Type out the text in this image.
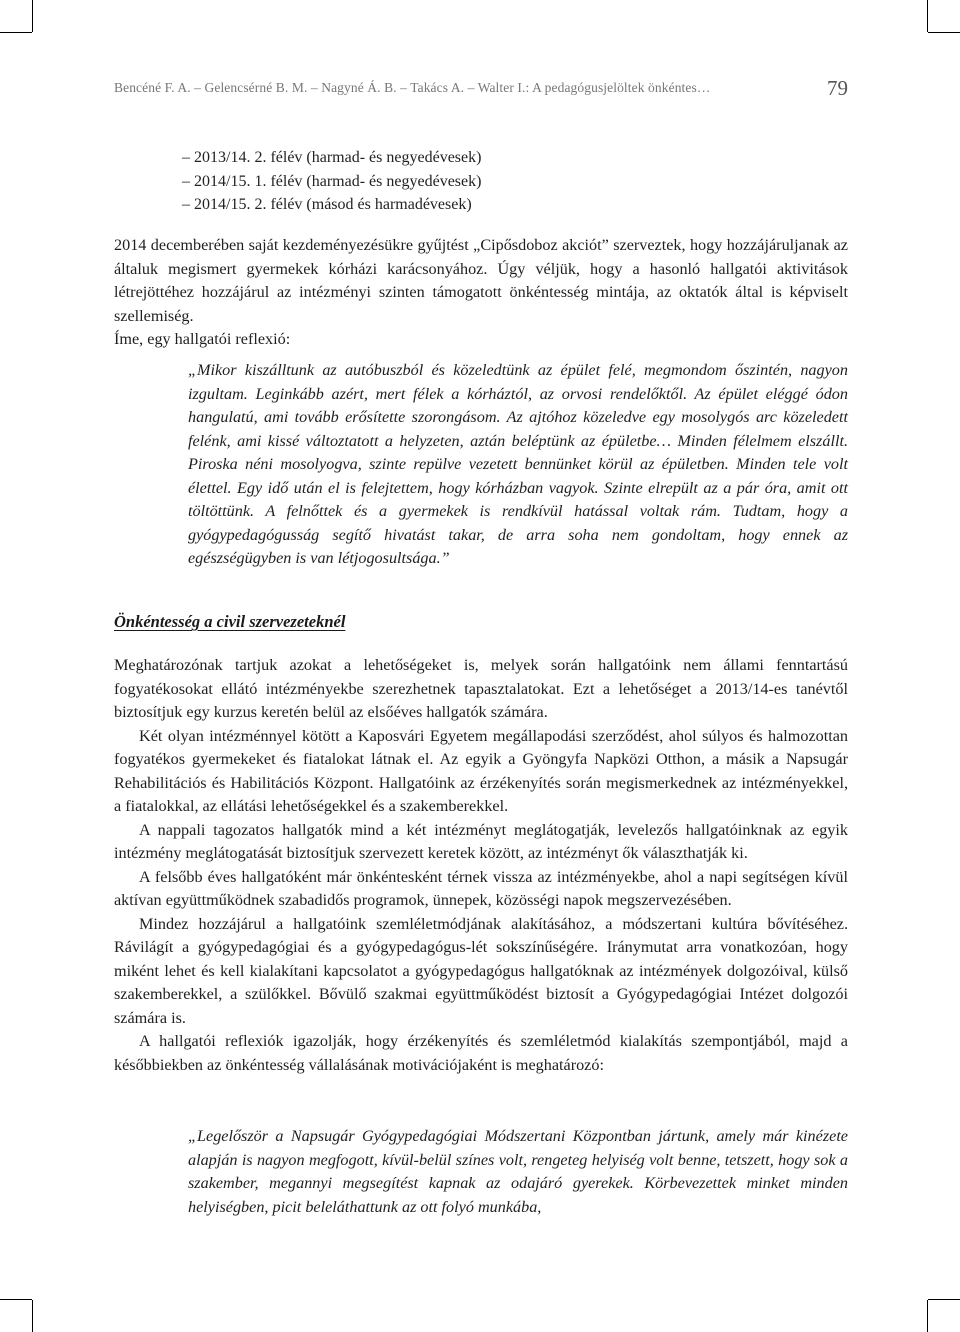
Bencéné F. A. – Gelencsérné B. M. – Nagyné Á. B. – Takács A. – Walter I.: A pedagógusjelöltek önkéntes…	79
– 2013/14. 2. félév (harmad- és negyedévesek)
– 2014/15. 1. félév (harmad- és negyedévesek)
– 2014/15. 2. félév (másod és harmadévesek)

2014 decemberében saját kezdeményezésükre gyűjtést „Cipősdoboz akciót” szerveztek, hogy hozzájáruljanak az általuk megismert gyermekek kórházi karácsonyához. Úgy véljük, hogy a hasonló hallgatói aktivitások létrejöttéhez hozzájárul az intézményi szinten támogatott önkéntesség mintája, az oktatók által is képviselt szellemiség.

Íme, egy hallgatói reflexió:

„Mikor kiszálltunk az autóbuszból és közeledtünk az épület felé, megmondom őszintén, nagyon izgultam. Leginkább azért, mert félek a kórháztól, az orvosi rendelőktől. Az épület eléggé ódon hangulatú, ami tovább erősítette szorongásom. Az ajtóhoz közeledve egy mosolygós arc közeledett felénk, ami kissé változtatott a helyzeten, aztán beléptünk az épületbe… Minden félelmem elszállt. Piroska néni mosolyogva, szinte repülve vezetett bennünket körül az épületben. Minden tele volt élettel. Egy idő után el is felejtettem, hogy kórházban vagyok. Szinte elrepült az a pár óra, amit ott töltöttünk. A felnőttek és a gyermekek is rendkívül hatással voltak rám. Tudtam, hogy a gyógypedagógusság segítő hivatást takar, de arra soha nem gondoltam, hogy ennek az egészségügyben is van létjogosultsága.”
Önkéntesség a civil szervezeteknél

Meghatározónak tartjuk azokat a lehetőségeket is, melyek során hallgatóink nem állami fenntartású fogyatékosokat ellátó intézményekbe szerezhetnek tapasztalatokat. Ezt a lehetőséget a 2013/14-es tanévtől biztosítjuk egy kurzus keretén belül az elsőéves hallgatók számára.

Két olyan intézménnyel kötött a Kaposvári Egyetem megállapodási szerződést, ahol súlyos és halmozottan fogyatékos gyermekeket és fiatalokat látnak el. Az egyik a Gyöngyfa Napközi Otthon, a másik a Napsugár Rehabilitációs és Habilitációs Központ. Hallgatóink az érzékenyítés során megismerkednek az intézményekkel, a fiatalokkal, az ellátási lehetőségekkel és a szakemberekkel.

A nappali tagozatos hallgatók mind a két intézményt meglátogatják, levelezős hallgatóinknak az egyik intézmény meglátogatását biztosítjuk szervezett keretek között, az intézményt ők választhatják ki.

A felsőbb éves hallgatóként már önkéntesként térnek vissza az intézményekbe, ahol a napi segítségen kívül aktívan együttműködnek szabadidős programok, ünnepek, közösségi napok megszervezésében.

Mindez hozzájárul a hallgatóink szemléletmódjának alakításához, a módszertani kultúra bővítéséhez. Rávilágít a gyógypedagógiai és a gyógypedagógus-lét sokszínűségére. Iránymutat arra vonatkozóan, hogy miként lehet és kell kialakítani kapcsolatot a gyógypedagógus hallgatóknak az intézmények dolgozóival, külső szakemberekkel, a szülőkkel. Bővülő szakmai együttműködést biztosít a Gyógypedagógiai Intézet dolgozói számára is.

A hallgatói reflexiók igazolják, hogy érzékenyítés és szemléletmód kialakítás szempontjából, majd a későbbiekben az önkéntesség vállalásának motivációjaként is meghatározó:

„Legelőször a Napsugár Gyógypedagógiai Módszertani Központban jártunk, amely már kinézete alapján is nagyon megfogott, kívül-belül színes volt, rengeteg helyiség volt benne, tetszett, hogy sok a szakember, megannyi megsegítést kapnak az odajáró gyerekek. Körbevezettek minket minden helyiségben, picit beleláthattunk az ott folyó munkába,
